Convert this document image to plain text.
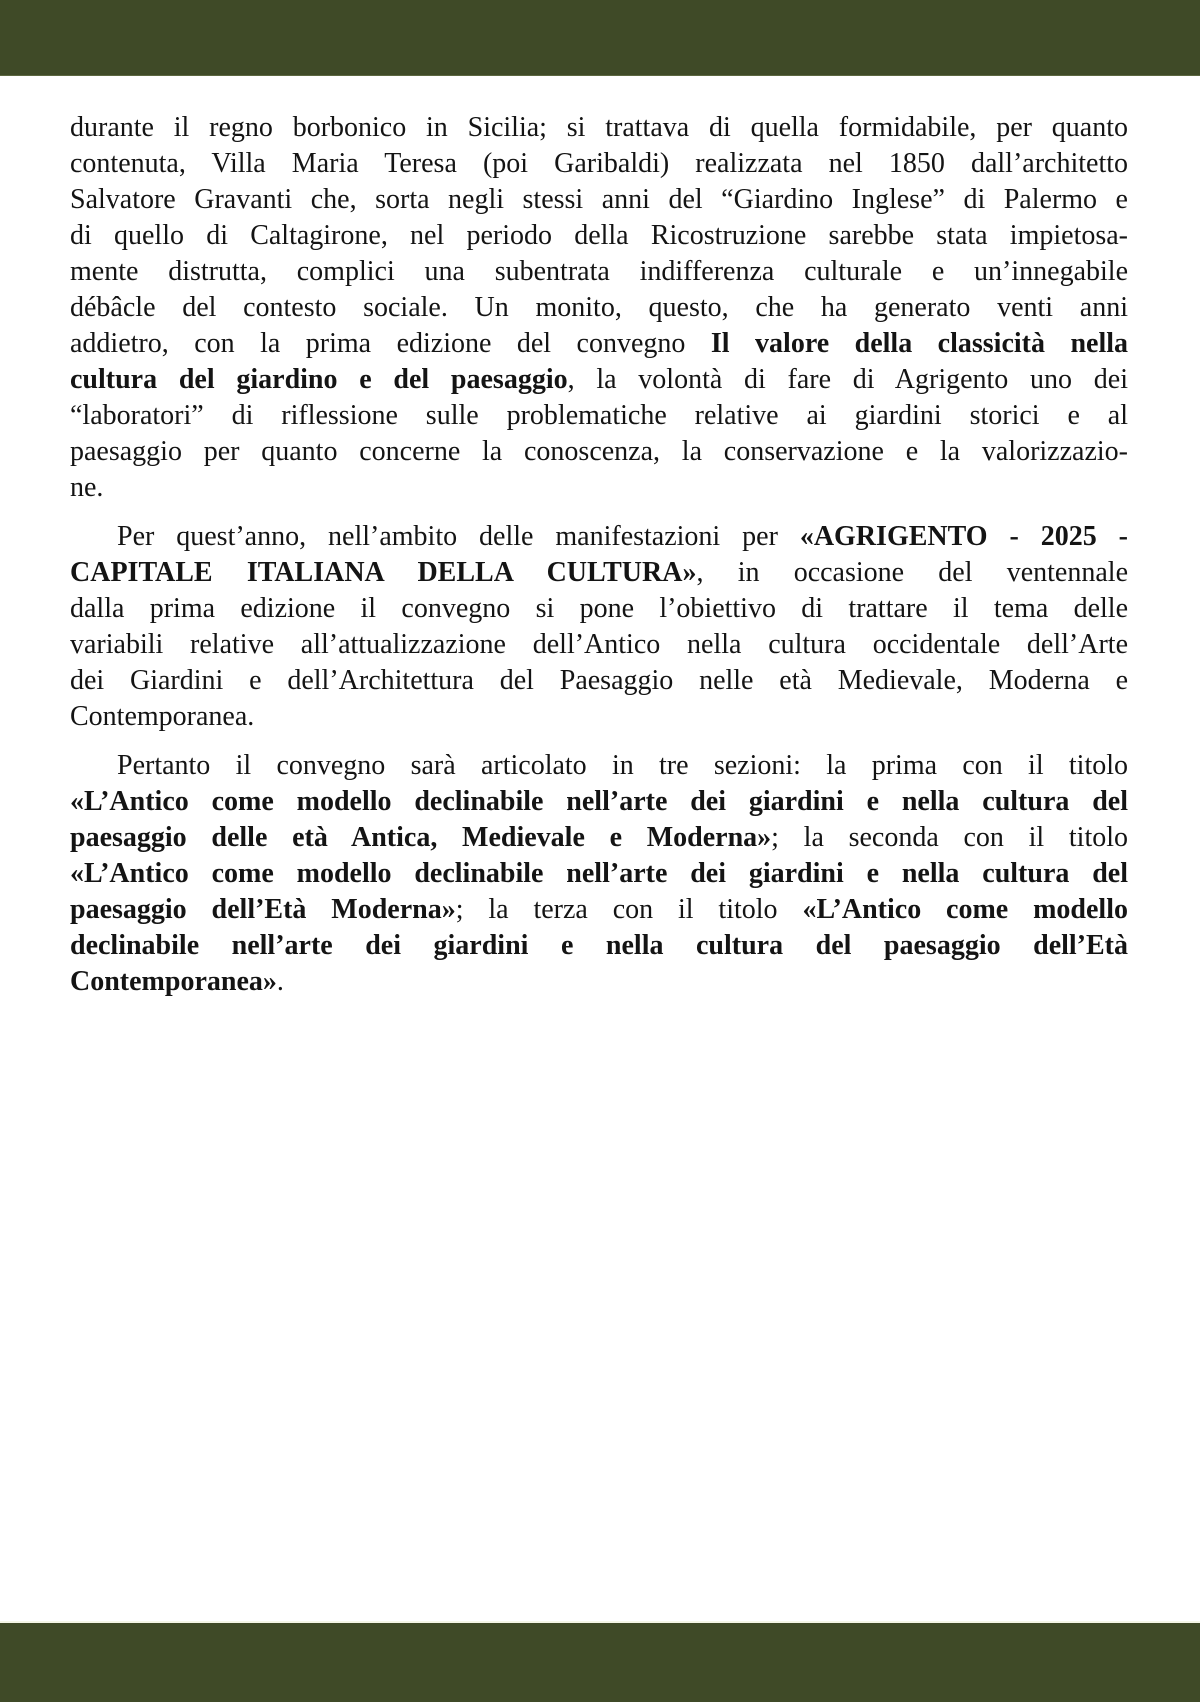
durante il regno borbonico in Sicilia; si trattava di quella formidabile, per quanto
contenuta, Villa Maria Teresa (poi Garibaldi) realizzata nel 1850 dall’architetto
Salvatore Gravanti che, sorta negli stessi anni del “Giardino Inglese” di Palermo e
di quello di Caltagirone, nel periodo della Ricostruzione sarebbe stata impietosa-
mente distrutta, complici una subentrata indifferenza culturale e un’innegabile
débâcle del contesto sociale. Un monito, questo, che ha generato venti anni
addietro, con la prima edizione del convegno Il valore della classicità nella
cultura del giardino e del paesaggio, la volontà di fare di Agrigento uno dei
“laboratori” di riflessione sulle problematiche relative ai giardini storici e al
paesaggio per quanto concerne la conoscenza, la conservazione e la valorizzazio-
ne.
Per quest’anno, nell’ambito delle manifestazioni per «AGRIGENTO - 2025 -
CAPITALE ITALIANA DELLA CULTURA», in occasione del ventennale
dalla prima edizione il convegno si pone l’obiettivo di trattare il tema delle
variabili relative all’attualizzazione dell’Antico nella cultura occidentale dell’Arte
dei Giardini e dell’Architettura del Paesaggio nelle età Medievale, Moderna e
Contemporanea.
Pertanto il convegno sarà articolato in tre sezioni: la prima con il titolo
«L’Antico come modello declinabile nell’arte dei giardini e nella cultura del
paesaggio delle età Antica, Medievale e Moderna»; la seconda con il titolo
«L’Antico come modello declinabile nell’arte dei giardini e nella cultura del
paesaggio dell’Età Moderna»; la terza con il titolo «L’Antico come modello
declinabile nell’arte dei giardini e nella cultura del paesaggio dell’Età
Contemporanea».
